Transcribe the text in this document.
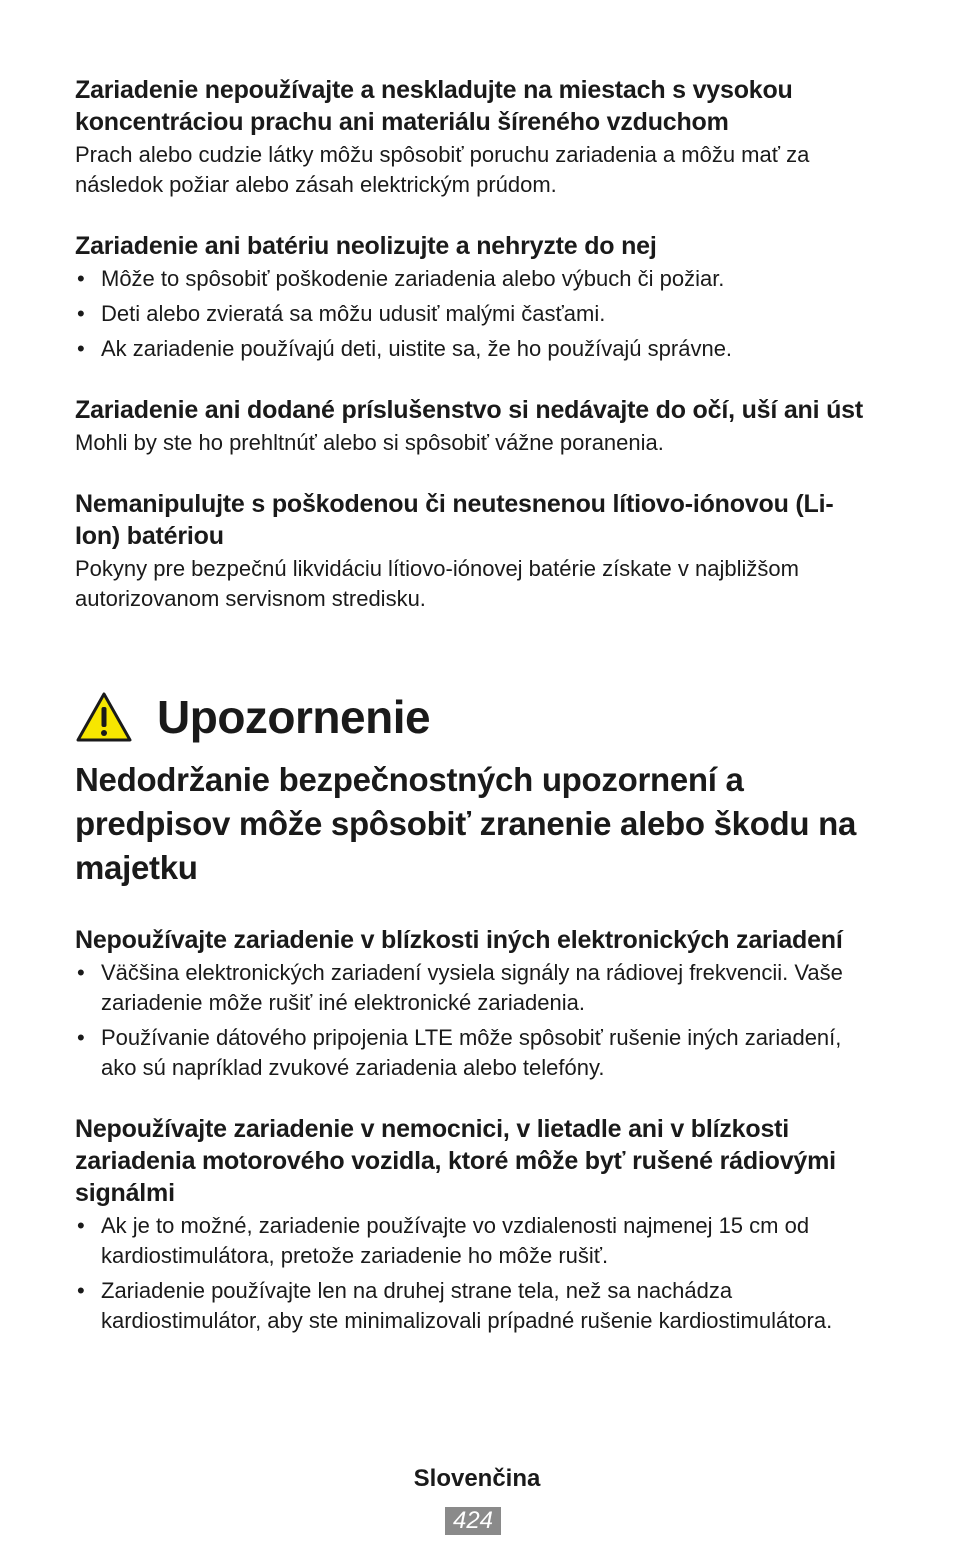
Zariadenie nepoužívajte a neskladujte na miestach s vysokou koncentráciou prachu ani materiálu šíreného vzduchom

Prach alebo cudzie látky môžu spôsobiť poruchu zariadenia a môžu mať za následok požiar alebo zásah elektrickým prúdom.

Zariadenie ani batériu neolizujte a nehryzte do nej

• Môže to spôsobiť poškodenie zariadenia alebo výbuch či požiar.
• Deti alebo zvieratá sa môžu udusiť malými časťami.
• Ak zariadenie používajú deti, uistite sa, že ho používajú správne.

Zariadenie ani dodané príslušenstvo si nedávajte do očí, uší ani úst

Mohli by ste ho prehltnúť alebo si spôsobiť vážne poranenia.

Nemanipulujte s poškodenou či neutesnenou lítiovo-iónovou (Li-Ion) batériou

Pokyny pre bezpečnú likvidáciu lítiovo-iónovej batérie získate v najbližšom autorizovanom servisnom stredisku.

Upozornenie

Nedodržanie bezpečnostných upozornení a predpisov môže spôsobiť zranenie alebo škodu na majetku

Nepoužívajte zariadenie v blízkosti iných elektronických zariadení

• Väčšina elektronických zariadení vysiela signály na rádiovej frekvencii. Vaše zariadenie môže rušiť iné elektronické zariadenia.
• Používanie dátového pripojenia LTE môže spôsobiť rušenie iných zariadení, ako sú napríklad zvukové zariadenia alebo telefóny.

Nepoužívajte zariadenie v nemocnici, v lietadle ani v blízkosti zariadenia motorového vozidla, ktoré môže byť rušené rádiovými signálmi

• Ak je to možné, zariadenie používajte vo vzdialenosti najmenej 15 cm od kardiostimulátora, pretože zariadenie ho môže rušiť.
• Zariadenie používajte len na druhej strane tela, než sa nachádza kardiostimulátor, aby ste minimalizovali prípadné rušenie kardiostimulátora.
Slovenčina
424
